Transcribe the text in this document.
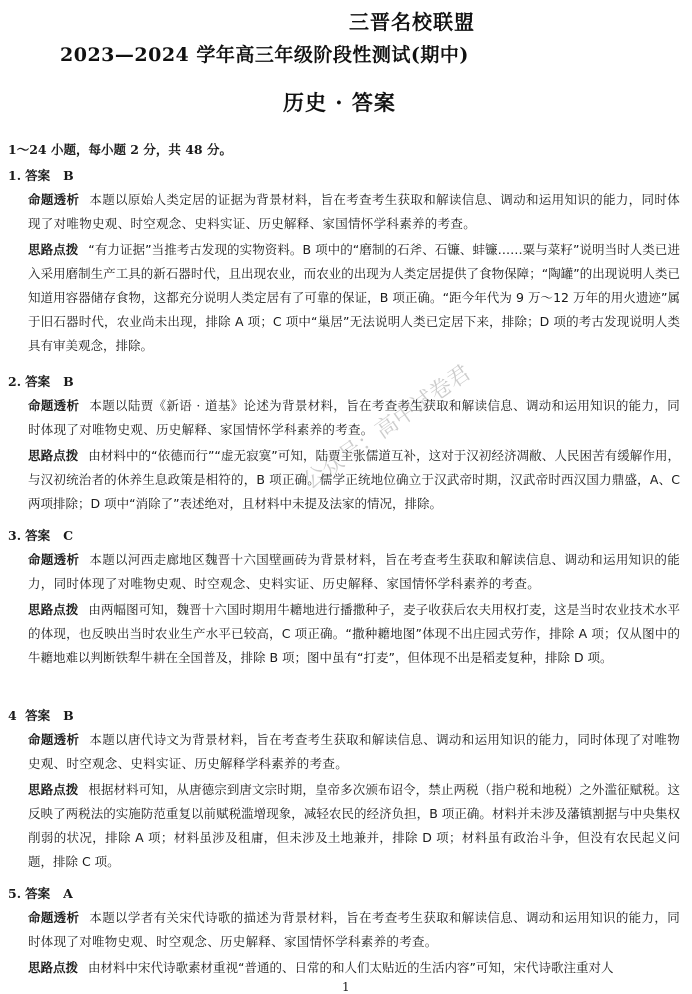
三晋名校联盟
2023—2024 学年高三年级阶段性测试(期中)
历史 · 答案
1～24 小题，每小题 2 分，共 48 分。
1. 答案 B
命题透析 本题以原始人类定居的证据为背景材料，旨在考查考生获取和解读信息、调动和运用知识的能力，同时体现了对唯物史观、时空观念、史料实证、历史解释、家国情怀学科素养的考查。
思路点拨 “有力证据”当推考古发现的实物资料。B 项中的“磨制的石斧、石镰、蚌镰……粟与菜籽”说明当时人类已进入采用磨制生产工具的新石器时代，且出现农业，而农业的出现为人类定居提供了食物保障；“陶罐”的出现说明人类已知道用容器储存食物，这都充分说明人类定居有了可靠的保证，B 项正确。“距今年代为 9 万～12 万年的用火遗迹”属于旧石器时代，农业尚未出现，排除 A 项；C 项中“巢居”无法说明人类已定居下来，排除；D 项的考古发现说明人类具有审美观念，排除。
2. 答案 B
命题透析 本题以陆贾《新语 · 道基》论述为背景材料，旨在考查考生获取和解读信息、调动和运用知识的能力，同时体现了对唯物史观、历史解释、家国情怀学科素养的考查。
思路点拨 由材料中的“依德而行”“虚无寂寞”可知，陆贾主张儒道互补，这对于汉初经济凋敝、人民困苦有缓解作用，与汉初统治者的休养生息政策是相符的，B 项正确。儒学正统地位确立于汉武帝时期，汉武帝时西汉国力鼎盛，A、C 两项排除；D 项中“消除了”表述绝对，且材料中未提及法家的情况，排除。
3. 答案 C
命题透析 本题以河西走廊地区魏晋十六国壁画砖为背景材料，旨在考查考生获取和解读信息、调动和运用知识的能力，同时体现了对唯物史观、时空观念、史料实证、历史解释、家国情怀学科素养的考查。
思路点拨 由两幅图可知，魏晋十六国时期用牛耱地进行播撒种子，麦子收获后农夫用权打麦，这是当时农业技术水平的体现，也反映出当时农业生产水平已较高，C 项正确。“撒种耱地图”体现不出庄园式劳作，排除 A 项；仅从图中的牛耱地难以判断铁犁牛耕在全国普及，排除 B 项；图中虽有“打麦”，但体现不出是稻麦复种，排除 D 项。
4 答案 B
命题透析 本题以唐代诗文为背景材料，旨在考查考生获取和解读信息、调动和运用知识的能力，同时体现了对唯物史观、时空观念、史料实证、历史解释学科素养的考查。
思路点拨 根据材料可知，从唐德宗到唐文宗时期，皇帝多次颁布诏令，禁止两税（指户税和地税）之外滥征赋税。这反映了两税法的实施防范重复以前赋税滥增现象，减轻农民的经济负担，B 项正确。材料并未涉及藩镇割据与中央集权削弱的状况，排除 A 项；材料虽涉及租庸，但未涉及土地兼并，排除 D 项；材料虽有政治斗争，但没有农民起义问题，排除 C 项。
5. 答案 A
命题透析 本题以学者有关宋代诗歌的描述为背景材料，旨在考查考生获取和解读信息、调动和运用知识的能力，同时体现了对唯物史观、时空观念、历史解释、家国情怀学科素养的考查。
思路点拨 由材料中宋代诗歌素材重视“普通的、日常的和人们太贴近的生活内容”可知，宋代诗歌注重对人
公众号：高中试卷君
1
